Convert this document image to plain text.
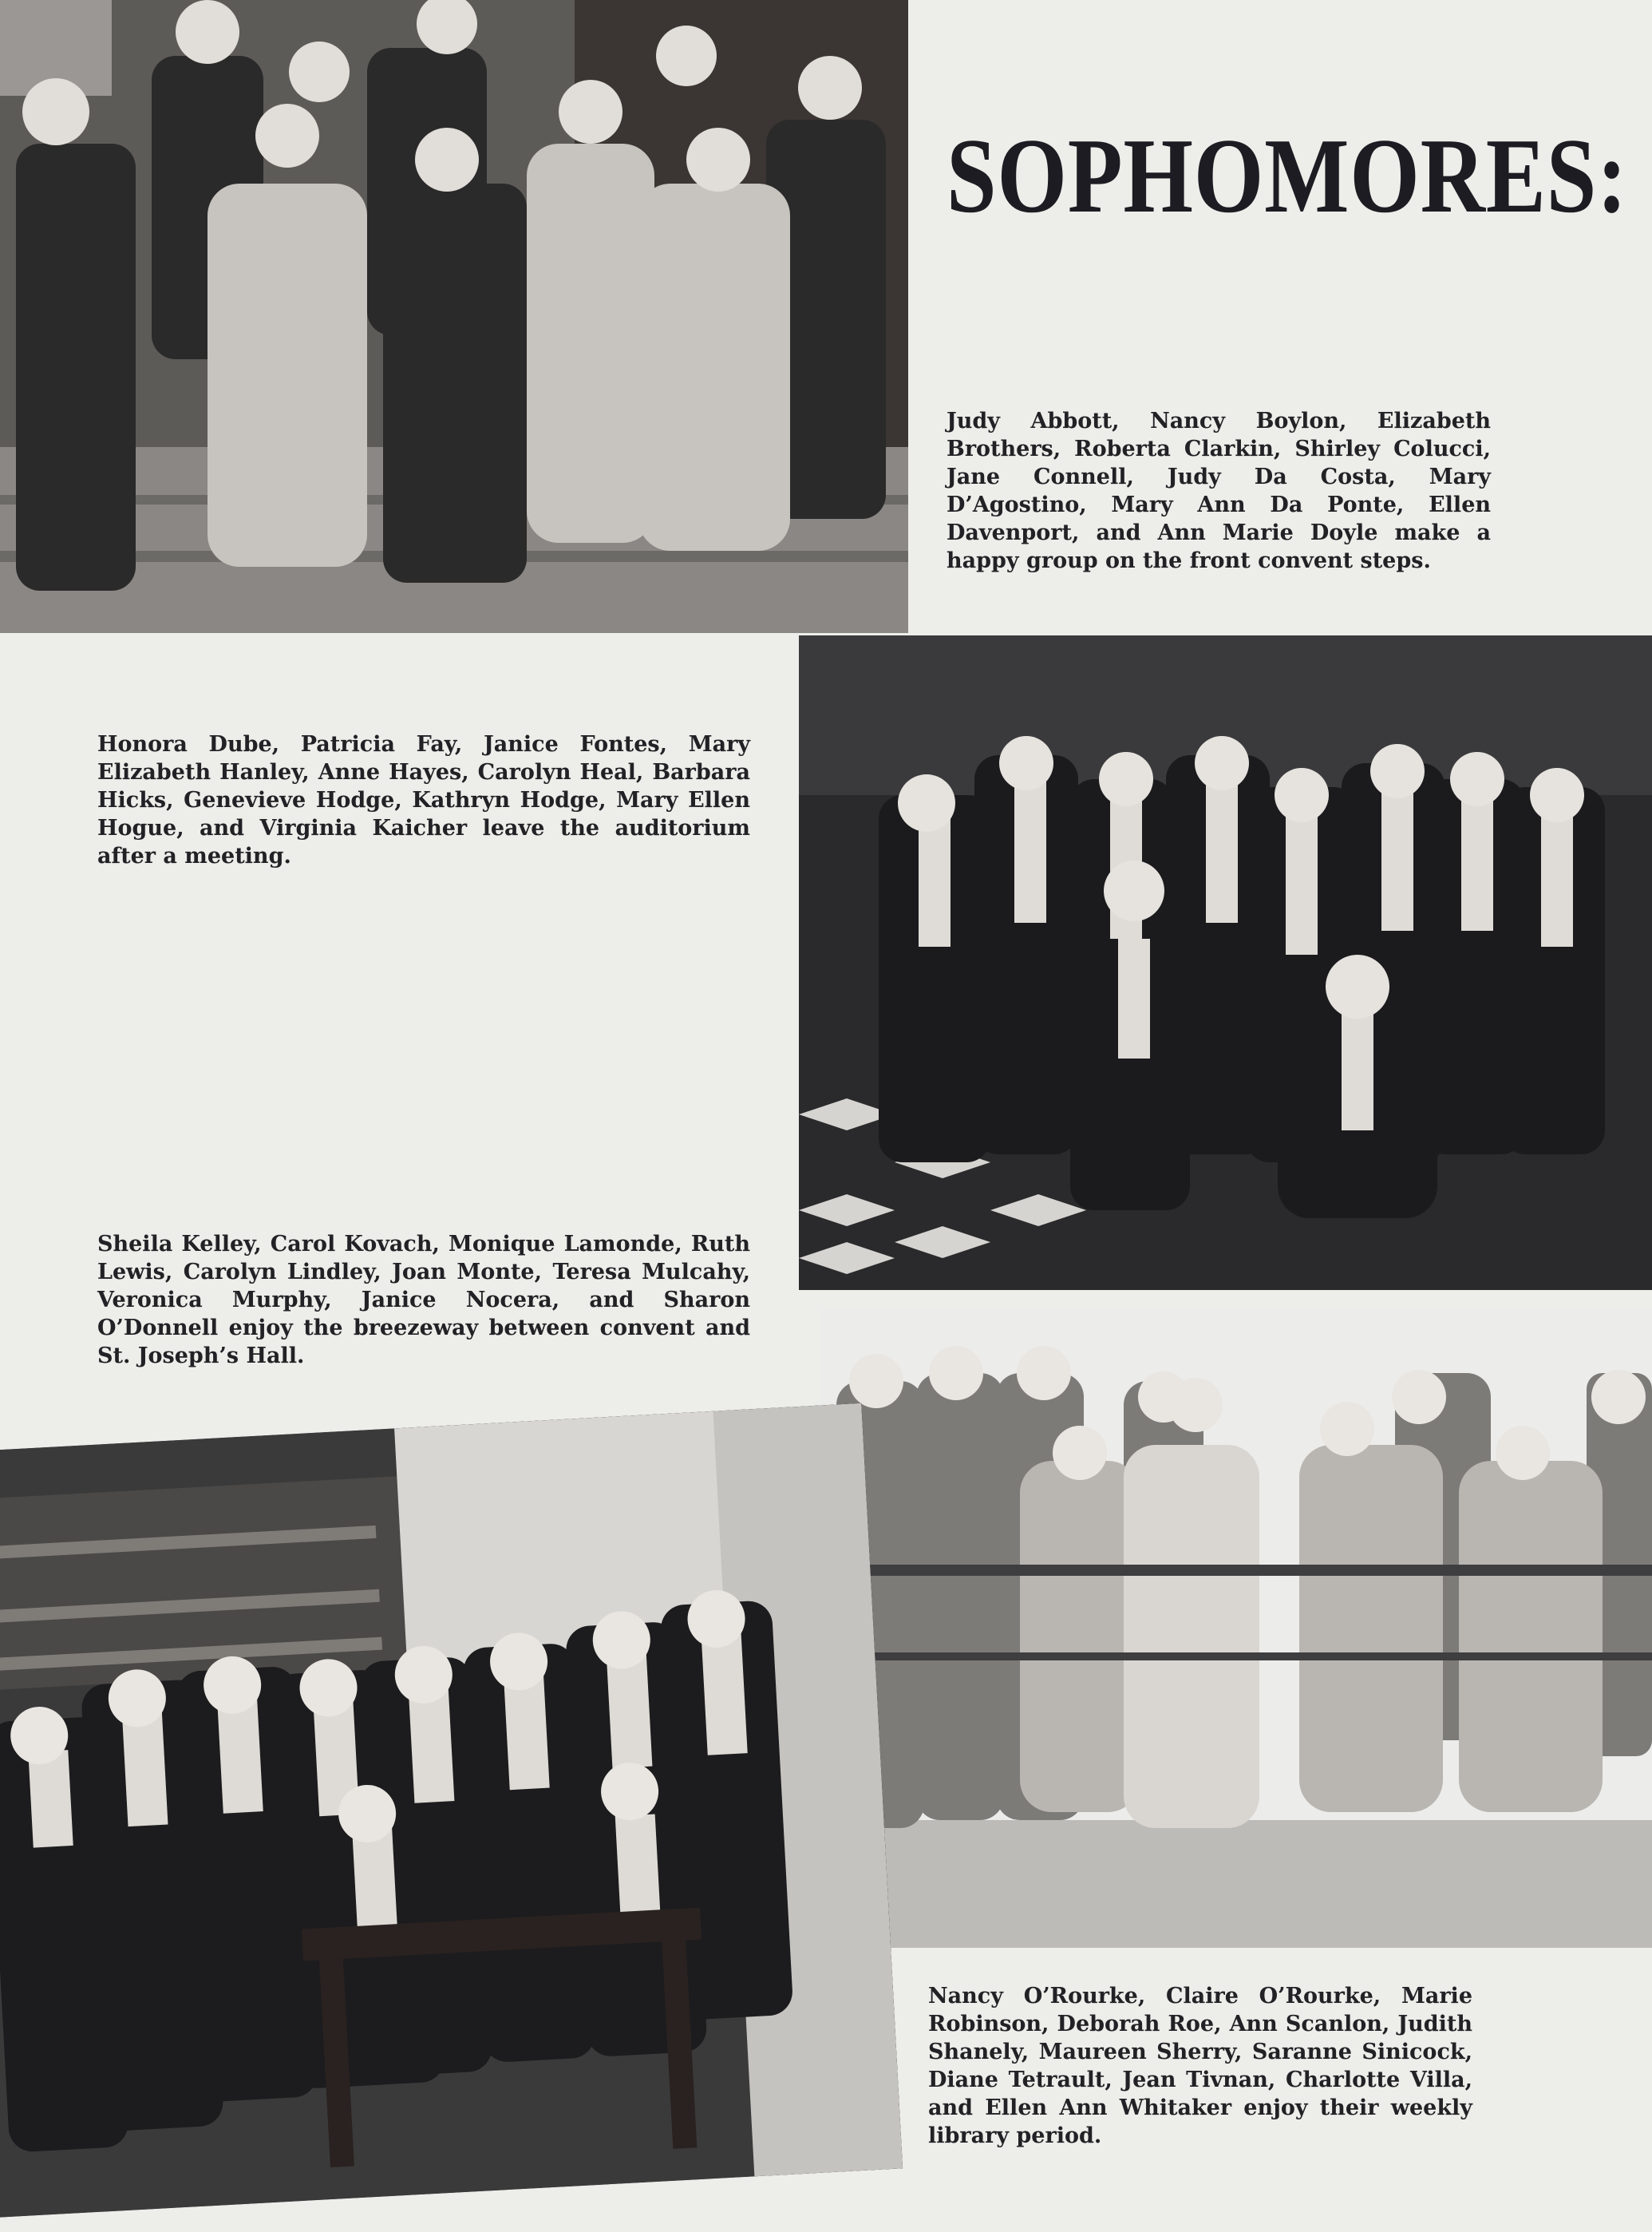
SOPHOMORES:
Judy Abbott, Nancy Boylon, Elizabeth Brothers, Roberta Clarkin, Shirley Colucci, Jane Connell, Judy Da Costa, Mary D’Agostino, Mary Ann Da Ponte, Ellen Davenport, and Ann Marie Doyle make a happy group on the front convent steps.
Honora Dube, Patricia Fay, Janice Fontes, Mary Elizabeth Hanley, Anne Hayes, Carolyn Heal, Barbara Hicks, Genevieve Hodge, Kathryn Hodge, Mary Ellen Hogue, and Virginia Kaicher leave the auditorium after a meeting.
Sheila Kelley, Carol Kovach, Monique Lamonde, Ruth Lewis, Carolyn Lindley, Joan Monte, Teresa Mulcahy, Veronica Murphy, Janice Nocera, and Sharon O’Donnell enjoy the breezeway between convent and St. Joseph’s Hall.
Nancy O’Rourke, Claire O’Rourke, Marie Robinson, Deborah Roe, Ann Scanlon, Judith Shanely, Maureen Sherry, Saranne Sinicock, Diane Tetrault, Jean Tivnan, Charlotte Villa, and Ellen Ann Whitaker enjoy their weekly library period.
